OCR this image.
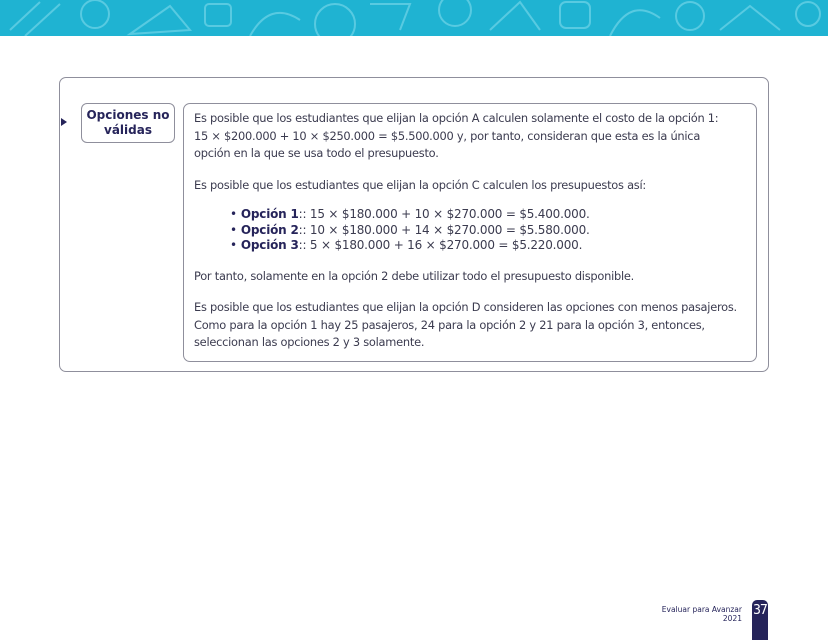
Opciones no
válidas

Es posible que los estudiantes que elijan la opción A calculen solamente el costo de la opción 1:
15 × $200.000 + 10 × $250.000 = $5.500.000 y, por tanto, consideran que esta es la única
opción en la que se usa todo el presupuesto.

Es posible que los estudiantes que elijan la opción C calculen los presupuestos así:

• Opción 1:: 15 × $180.000 + 10 × $270.000 = $5.400.000.
• Opción 2:: 10 × $180.000 + 14 × $270.000 = $5.580.000.
• Opción 3:: 5 × $180.000 + 16 × $270.000 = $5.220.000.

Por tanto, solamente en la opción 2 debe utilizar todo el presupuesto disponible.

Es posible que los estudiantes que elijan la opción D consideren las opciones con menos pasajeros.
Como para la opción 1 hay 25 pasajeros, 24 para la opción 2 y 21 para la opción 3, entonces,
seleccionan las opciones 2 y 3 solamente.

Evaluar para Avanzar
2021
37
